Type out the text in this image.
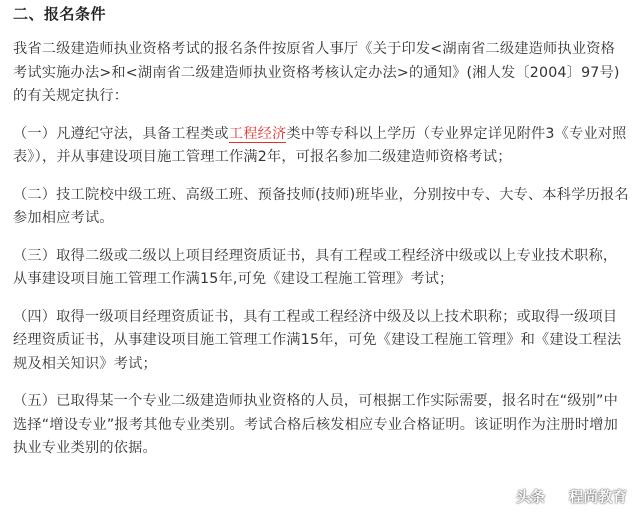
二、报名条件

我省二级建造师执业资格考试的报名条件按原省人事厅《关于印发<湖南省二级建造师执业资格考试实施办法>和<湖南省二级建造师执业资格考核认定办法>的通知》(湘人发〔2004〕97号)的有关规定执行：

（一）凡遵纪守法，具备工程类或工程经济类中等专科以上学历（专业界定详见附件3《专业对照表》），并从事建设项目施工管理工作满2年，可报名参加二级建造师资格考试；

（二）技工院校中级工班、高级工班、预备技师(技师)班毕业，分别按中专、大专、本科学历报名参加相应考试。

（三）取得二级或二级以上项目经理资质证书，具有工程或工程经济中级或以上专业技术职称，从事建设项目施工管理工作满15年,可免《建设工程施工管理》考试；

（四）取得一级项目经理资质证书，具有工程或工程经济中级及以上技术职称；或取得一级项目经理资质证书，从事建设项目施工管理工作满15年，可免《建设工程施工管理》和《建设工程法规及相关知识》考试；

（五）已取得某一个专业二级建造师执业资格的人员，可根据工作实际需要，报名时在“级别”中选择“增设专业”报考其他专业类别。考试合格后核发相应专业合格证明。该证明作为注册时增加执业专业类别的依据。

头条 程尚教育
